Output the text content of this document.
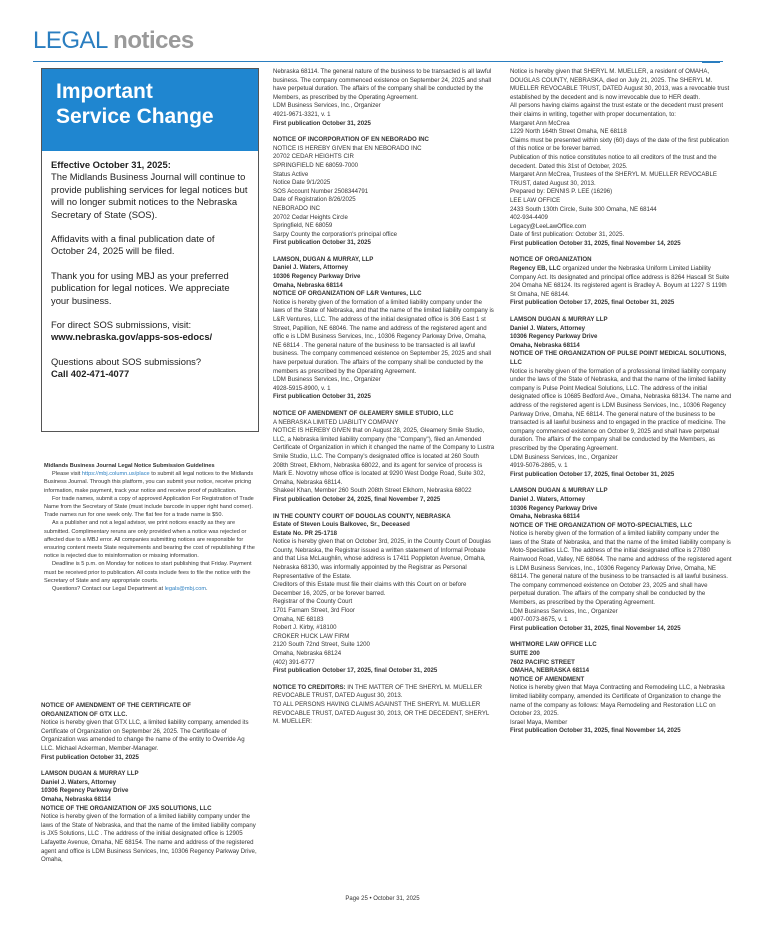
LEGAL notices
Important
Service Change

Effective October 31, 2025:
The Midlands Business Journal will continue to provide publishing services for legal notices but will no longer submit notices to the Nebraska Secretary of State (SOS).

Affidavits with a final publication date of October 24, 2025 will be filed.

Thank you for using MBJ as your preferred publication for legal notices. We appreciate your business.

For direct SOS submissions, visit:
www.nebraska.gov/apps-sos-edocs/

Questions about SOS submissions?
Call 402-471-4077

Midlands Business Journal Legal Notice Submission Guidelines

Please visit https://mbj.column.us/place to submit all legal notices to the Midlands Business Journal. Through this platform, you can submit your notice, receive pricing information, make payment, track your notice and receive proof of publication.

For trade names, submit a copy of approved Application For Registration of Trade Name from the Secretary of State (must include barcode in upper right hand corner). Trade names run for one week only. The flat fee for a trade name is $50.

As a publisher and not a legal advisor, we print notices exactly as they are submitted. Complimentary reruns are only provided when a notice was rejected or affected due to a MBJ error. All companies submitting notices are responsible for ensuring content meets State requirements and bearing the cost of republishing if the notice is rejected due to misinformation or missing information.

Deadline is 5 p.m. on Monday for notices to start publishing that Friday. Payment must be received prior to publication. All costs include fees to file the notice with the Secretary of State and any appropriate courts.

Questions? Contact our Legal Department at legals@mbj.com.

NOTICE OF AMENDMENT OF THE CERTIFICATE OF
ORGANIZATION OF GTX LLC.
Notice is hereby given that GTX LLC, a limited liability company, amended its Certificate of Organization on September 26, 2025. The Certificate of Organization was amended to change the name of the entity to Override Ag LLC. Michael Ackerman, Member-Manager.
First publication October 31, 2025
LAMSON DUGAN & MURRAY LLP
Daniel J. Waters, Attorney
10306 Regency Parkway Drive
Omaha, Nebraska 68114
NOTICE OF THE ORGANIZATION OF JX5 SOLUTIONS, LLC
Notice is hereby given of the formation of a limited liability company under the laws of the State of Nebraska, and that the name of the limited liability company is JX5 Solutions, LLC . The address of the initial designated office is 12905 Lafayette Avenue, Omaha, NE 68154. The name and address of the registered agent and office is LDM Business Services, Inc, 10306 Regency Parkway Drive, Omaha,
Nebraska 68114. The general nature of the business to be transacted is all lawful business. The company commenced existence on September 24, 2025 and shall have perpetual duration. The affairs of the company shall be conducted by the Members, as prescribed by the Operating Agreement.
LDM Business Services, Inc., Organizer
4921-9671-3321, v. 1
First publication October 31, 2025
NOTICE OF INCORPORATION OF EN NEBORADO INC
NOTICE IS HEREBY GIVEN that EN NEBORADO INC
20702 CEDAR HEIGHTS CIR
SPRINGFIELD NE 68059-7000
Status Active
Notice Date 9/1/2025
SOS Account Number 2508344791
Date of Registration 8/26/2025
NEBORADO INC
20702 Cedar Heights Circle
Springfield, NE 68059
Sarpy County the corporation's principal office
First publication October 31, 2025
LAMSON, DUGAN & MURRAY, LLP
Daniel J. Waters, Attorney
10306 Regency Parkway Drive
Omaha, Nebraska 68114
NOTICE OF ORGANIZATION OF L&R Ventures, LLC
Notice is hereby given of the formation of a limited liability company under the laws of the State of Nebraska, and that the name of the limited liability company is L&R Ventures, LLC. The address of the initial designated office is 306 East 1 st Street, Papillion, NE 68046. The name and address of the registered agent and offic e is LDM Business Services, Inc., 10306 Regency Parkway Drive, Omaha, NE 68114 . The general nature of the business to be transacted is all lawful business. The company commenced existence on September 25, 2025 and shall have perpetual duration. The affairs of the company shall be conducted by the members as prescribed by the Operating Agreement.
LDM Business Services, Inc., Organizer
4928-5915-8900, v. 1
First publication October 31, 2025
NOTICE OF AMENDMENT OF GLEAMERY SMILE STUDIO, LLC
A NEBRASKA LIMITED LIABILITY COMPANY
NOTICE IS HEREBY GIVEN that on August 28, 2025, Gleamery Smile Studio, LLC, a Nebraska limited liability company (the "Company"), filed an Amended Certificate of Organization in which it changed the name of the Company to Lustra Smile Studio, LLC. The Company's designated office is located at 260 South 208th Street, Elkhorn, Nebraska 68022, and its agent for service of process is Mark E. Novotny whose office is located at 9290 West Dodge Road, Suite 302, Omaha, Nebraska 68114.
Shakeel Khan, Member 260 South 208th Street Elkhorn, Nebraska 68022
First publication October 24, 2025, final November 7, 2025
IN THE COUNTY COURT OF DOUGLAS COUNTY, NEBRASKA
Estate of Steven Louis Balkovec, Sr., Deceased
Estate No. PR 25-1718
Notice is hereby given that on October 3rd, 2025, in the County Court of Douglas County, Nebraska, the Registrar issued a written statement of Informal Probate and that Lisa McLaughlin, whose address is 17411 Poppleton Avenue, Omaha, Nebraska 68130, was informally appointed by the Registrar as Personal Representative of the Estate.
Creditors of this Estate must file their claims with this Court on or before December 16, 2025, or be forever barred.
Registrar of the County Court
1701 Farnam Street, 3rd Floor
Omaha, NE 68183
Robert J. Kirby, #18100
CROKER HUCK LAW FIRM
2120 South 72nd Street, Suite 1200
Omaha, Nebraska 68124
(402) 391-6777
First publication October 17, 2025, final October 31, 2025
NOTICE TO CREDITORS: IN THE MATTER OF THE SHERYL M. MUELLER REVOCABLE TRUST, DATED August 30, 2013.
TO ALL PERSONS HAVING CLAIMS AGAINST THE SHERYL M. MUELLER REVOCABLE TRUST, DATED August 30, 2013, OR THE DECEDENT, SHERYL M. MUELLER:
Notice is hereby given that SHERYL M. MUELLER, a resident of OMAHA, DOUGLAS COUNTY, NEBRASKA, died on July 21, 2025. The SHERYL M. MUELLER REVOCABLE TRUST, DATED August 30, 2013, was a revocable trust established by the decedent and is now irrevocable due to HER death.
All persons having claims against the trust estate or the decedent must present their claims in writing, together with proper documentation, to:
Margaret Ann McCrea
1229 North 164th Street Omaha, NE 68118
Claims must be presented within sixty (60) days of the date of the first publication of this notice or be forever barred.
Publication of this notice constitutes notice to all creditors of the trust and the decedent. Dated this 31st of October, 2025.
Margaret Ann McCrea, Trustees of the SHERYL M. MUELLER REVOCABLE TRUST, dated August 30, 2013.
Prepared by: DENNIS P. LEE (16296)
LEE LAW OFFICE
2433 South 130th Circle, Suite 300 Omaha, NE 68144
402-934-4409
Legacy@LeeLawOffice.com
Date of first publication: October 31, 2025.
First publication October 31, 2025, final November 14, 2025
NOTICE OF ORGANIZATION
Regency EB, LLC organized under the Nebraska Uniform Limited Liability Company Act. Its designated and principal office address is 8264 Hascall St Suite 204 Omaha NE 68124. Its registered agent is Bradley A. Boyum at 1227 S 119th St Omaha, NE 68144.
First publication October 17, 2025, final October 31, 2025
LAMSON DUGAN & MURRAY LLP
Daniel J. Waters, Attorney
10306 Regency Parkway Drive
Omaha, Nebraska 68114
NOTICE OF THE ORGANIZATION OF PULSE POINT MEDICAL SOLUTIONS, LLC
Notice is hereby given of the formation of a professional limited liability company under the laws of the State of Nebraska, and that the name of the limited liability company is Pulse Point Medical Solutions, LLC. The address of the initial designated office is 10685 Bedford Ave., Omaha, Nebraska 68134. The name and address of the registered agent is LDM Business Services, Inc., 10306 Regency Parkway Drive, Omaha, NE 68114. The general nature of the business to be transacted is all lawful business and to engaged in the practice of medicine. The company commenced existence on October 9, 2025 and shall have perpetual duration. The affairs of the company shall be conducted by the Members, as prescribed by the Operating Agreement.
LDM Business Services, Inc., Organizer
4919-5076-2865, v. 1
First publication October 17, 2025, final October 31, 2025
LAMSON DUGAN & MURRAY LLP
Daniel J. Waters, Attorney
10306 Regency Parkway Drive
Omaha, Nebraska 68114
NOTICE OF THE ORGANIZATION OF MOTO-SPECIALTIES, LLC
Notice is hereby given of the formation of a limited liability company under the laws of the State of Nebraska, and that the name of the limited liability company is Moto-Specialties LLC. The address of the initial designated office is 27080 Rainwood Road, Valley, NE 68064. The name and address of the registered agent is LDM Business Services, Inc., 10306 Regency Parkway Drive, Omaha, NE 68114. The general nature of the business to be transacted is all lawful business. The company commenced existence on October 23, 2025 and shall have perpetual duration. The affairs of the company shall be conducted by the Members, as prescribed by the Operating Agreement.
LDM Business Services, Inc., Organizer
4907-0073-8675, v. 1
First publication October 31, 2025, final November 14, 2025
WHITMORE LAW OFFICE LLC
SUITE 200
7602 PACIFIC STREET
OMAHA, NEBRASKA 68114
NOTICE OF AMENDMENT
Notice is hereby given that Maya Contracting and Remodeling LLC, a Nebraska limited liability company, amended its Certificate of Organization to change the name of the company as follows: Maya Remodeling and Restoration LLC on October 23, 2025.
Israel Maya, Member
First publication October 31, 2025, final November 14, 2025
Page 25 • October 31, 2025
